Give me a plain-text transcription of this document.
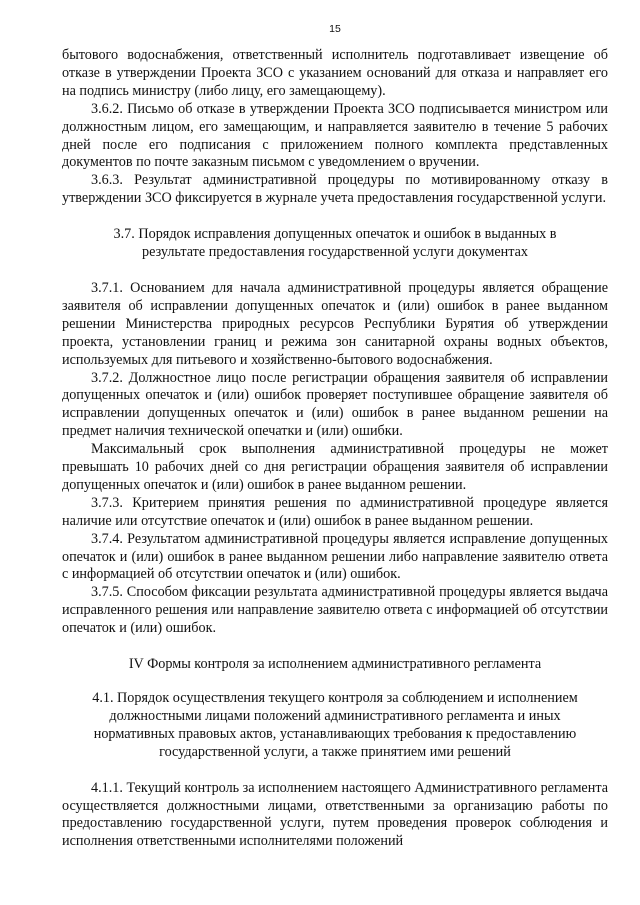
15

бытового водоснабжения, ответственный исполнитель подготавливает извещение об отказе в утверждении Проекта ЗСО с указанием оснований для отказа и направляет его на подпись министру (либо лицу, его замещающему).

3.6.2. Письмо об отказе в утверждении Проекта ЗСО подписывается министром или должностным лицом, его замещающим, и направляется заявителю в течение 5 рабочих дней после его подписания с приложением полного комплекта представленных документов по почте заказным письмом с уведомлением о вручении.

3.6.3. Результат административной процедуры по мотивированному отказу в утверждении ЗСО фиксируется в журнале учета предоставления государственной услуги.

3.7. Порядок исправления допущенных опечаток и ошибок в выданных в результате предоставления государственной услуги документах

3.7.1. Основанием для начала административной процедуры является обращение заявителя об исправлении допущенных опечаток и (или) ошибок в ранее выданном решении Министерства природных ресурсов Республики Бурятия об утверждении проекта, установлении границ и режима зон санитарной охраны водных объектов, используемых для питьевого и хозяйственно-бытового водоснабжения.

3.7.2. Должностное лицо после регистрации обращения заявителя об исправлении допущенных опечаток и (или) ошибок проверяет поступившее обращение заявителя об исправлении допущенных опечаток и (или) ошибок в ранее выданном решении на предмет наличия технической опечатки и (или) ошибки.

Максимальный срок выполнения административной процедуры не может превышать 10 рабочих дней со дня регистрации обращения заявителя об исправлении допущенных опечаток и (или) ошибок в ранее выданном решении.

3.7.3. Критерием принятия решения по административной процедуре является наличие или отсутствие опечаток и (или) ошибок в ранее выданном решении.

3.7.4. Результатом административной процедуры является исправление допущенных опечаток и (или) ошибок в ранее выданном решении либо направление заявителю ответа с информацией об отсутствии опечаток и (или) ошибок.

3.7.5. Способом фиксации результата административной процедуры является выдача исправленного решения или направление заявителю ответа с информацией об отсутствии опечаток и (или) ошибок.

IV Формы контроля за исполнением административного регламента

4.1. Порядок осуществления текущего контроля за соблюдением и исполнением должностными лицами положений административного регламента и иных нормативных правовых актов, устанавливающих требования к предоставлению государственной услуги, а также принятием ими решений

4.1.1. Текущий контроль за исполнением настоящего Административного регламента осуществляется должностными лицами, ответственными за организацию работы по предоставлению государственной услуги, путем проведения проверок соблюдения и исполнения ответственными исполнителями положений
